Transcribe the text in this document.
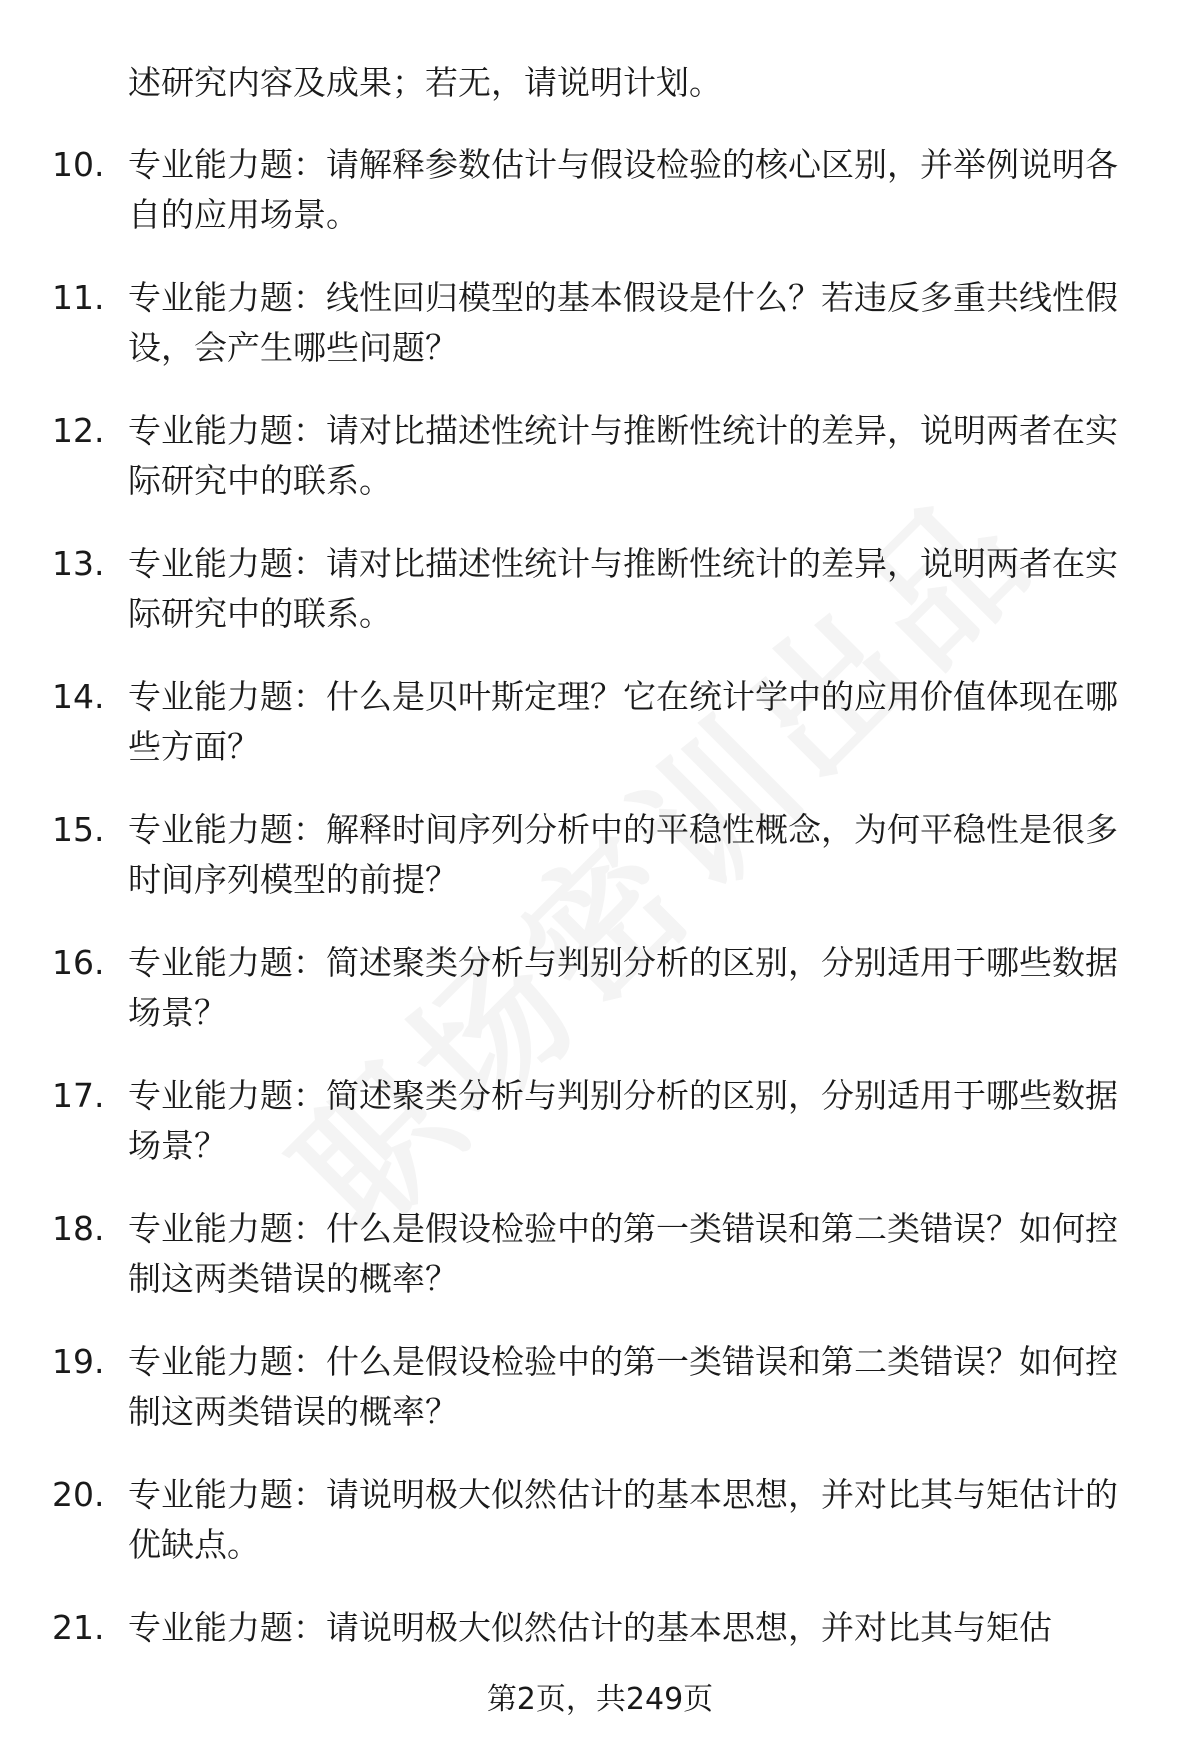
述研究内容及成果；若无，请说明计划。
10. 专业能力题：请解释参数估计与假设检验的核心区别，并举例说明各自的应用场景。
11. 专业能力题：线性回归模型的基本假设是什么？若违反多重共线性假设，会产生哪些问题？
12. 专业能力题：请对比描述性统计与推断性统计的差异，说明两者在实际研究中的联系。
13. 专业能力题：请对比描述性统计与推断性统计的差异，说明两者在实际研究中的联系。
14. 专业能力题：什么是贝叶斯定理？它在统计学中的应用价值体现在哪些方面？
15. 专业能力题：解释时间序列分析中的平稳性概念，为何平稳性是很多时间序列模型的前提？
16. 专业能力题：简述聚类分析与判别分析的区别，分别适用于哪些数据场景？
17. 专业能力题：简述聚类分析与判别分析的区别，分别适用于哪些数据场景？
18. 专业能力题：什么是假设检验中的第一类错误和第二类错误？如何控制这两类错误的概率？
19. 专业能力题：什么是假设检验中的第一类错误和第二类错误？如何控制这两类错误的概率？
20. 专业能力题：请说明极大似然估计的基本思想，并对比其与矩估计的优缺点。
21. 专业能力题：请说明极大似然估计的基本思想，并对比其与矩估
第2页，共249页
